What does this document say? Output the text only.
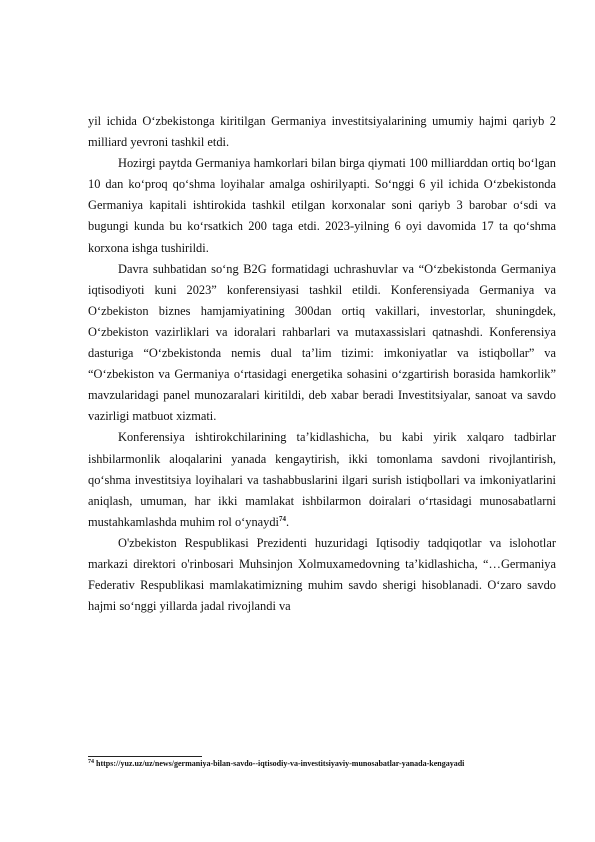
yil ichida O‘zbekistonga kiritilgan Germaniya investitsiyalarining umumiy hajmi qariyb 2 milliard yevroni tashkil etdi.

Hozirgi paytda Germaniya hamkorlari bilan birga qiymati 100 milliarddan ortiq bo‘lgan 10 dan ko‘proq qo‘shma loyihalar amalga oshirilyapti. So‘nggi 6 yil ichida O‘zbekistonda Germaniya kapitali ishtirokida tashkil etilgan korxonalar soni qariyb 3 barobar o‘sdi va bugungi kunda bu ko‘rsatkich 200 taga etdi. 2023-yilning 6 oyi davomida 17 ta qo‘shma korxona ishga tushirildi.

Davra suhbatidan so‘ng B2G formatidagi uchrashuvlar va “O‘zbekistonda Germaniya iqtisodiyoti kuni 2023” konferensiyasi tashkil etildi. Konferensiyada Germaniya va O‘zbekiston biznes hamjamiyatining 300dan ortiq vakillari, investorlar, shuningdek, O‘zbekiston vazirliklari va idoralari rahbarlari va mutaxassislari qatnashdi. Konferensiya dasturiga “O‘zbekistonda nemis dual ta’lim tizimi: imkoniyatlar va istiqbollar” va “O‘zbekiston va Germaniya o‘rtasidagi energetika sohasini o‘zgartirish borasida hamkorlik” mavzularidagi panel munozaralari kiritildi, deb xabar beradi Investitsiyalar, sanoat va savdo vazirligi matbuot xizmati.

Konferensiya ishtirokchilarining ta’kidlashicha, bu kabi yirik xalqaro tadbirlar ishbilarmonlik aloqalarini yanada kengaytirish, ikki tomonlama savdoni rivojlantirish, qo‘shma investitsiya loyihalari va tashabbuslarini ilgari surish istiqbollari va imkoniyatlarini aniqlash, umuman, har ikki mamlakat ishbilarmon doiralari o‘rtasidagi munosabatlarni mustahkamlashda muhim rol o‘ynaydi$^{74}$.

O'zbekiston Respublikasi Prezidenti huzuridagi Iqtisodiy tadqiqotlar va islohotlar markazi direktori o'rinbosari Muhsinjon Xolmuxamedovning ta’kidlashicha, “…Germaniya Federativ Respublikasi mamlakatimizning muhim savdo sherigi hisoblanadi. O‘zaro savdo hajmi so‘nggi yillarda jadal rivojlandi va

$^{74}$ https://yuz.uz/uz/news/germaniya-bilan-savdo--iqtisodiy-va-investitsiyaviy-munosabatlar-yanada-kengayadi
